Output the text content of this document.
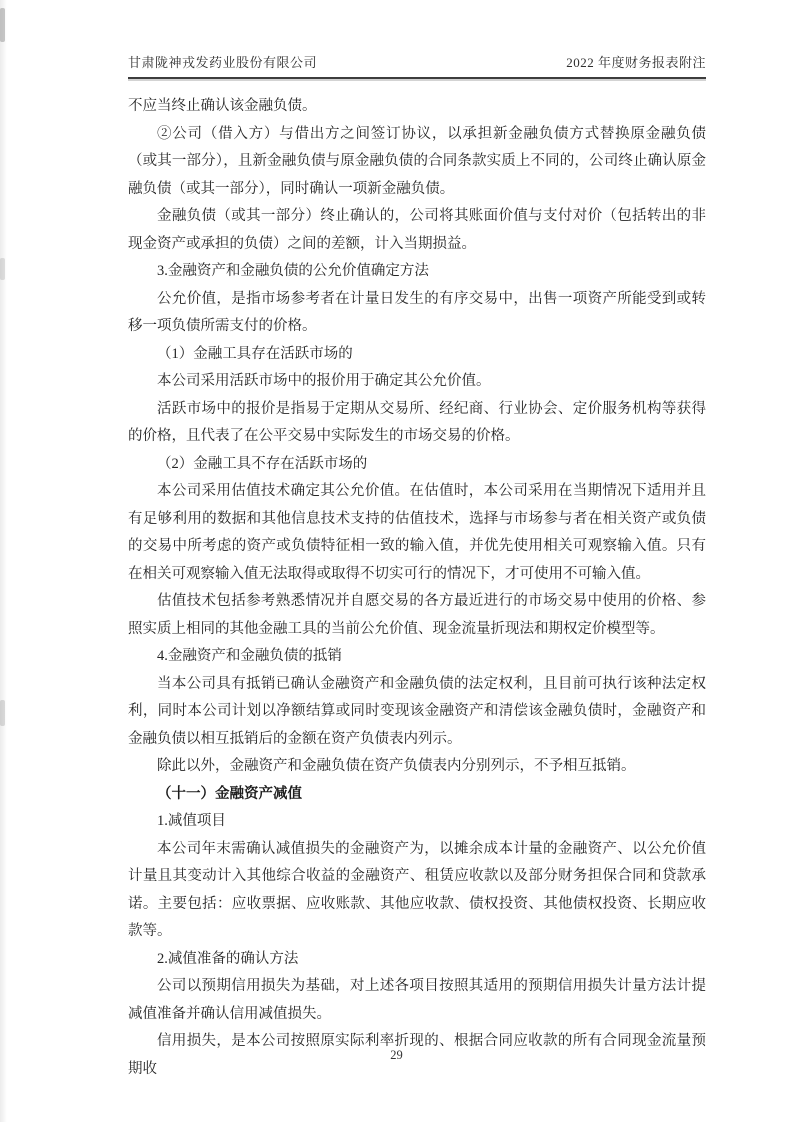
甘肃陇神戎发药业股份有限公司	2022 年度财务报表附注

不应当终止确认该金融负债。

②公司（借入方）与借出方之间签订协议，以承担新金融负债方式替换原金融负债（或其一部分），且新金融负债与原金融负债的合同条款实质上不同的，公司终止确认原金融负债（或其一部分），同时确认一项新金融负债。

金融负债（或其一部分）终止确认的，公司将其账面价值与支付对价（包括转出的非现金资产或承担的负债）之间的差额，计入当期损益。

3.金融资产和金融负债的公允价值确定方法

公允价值，是指市场参考者在计量日发生的有序交易中，出售一项资产所能受到或转移一项负债所需支付的价格。

（1）金融工具存在活跃市场的

本公司采用活跃市场中的报价用于确定其公允价值。

活跃市场中的报价是指易于定期从交易所、经纪商、行业协会、定价服务机构等获得的价格，且代表了在公平交易中实际发生的市场交易的价格。

（2）金融工具不存在活跃市场的

本公司采用估值技术确定其公允价值。在估值时，本公司采用在当期情况下适用并且有足够利用的数据和其他信息技术支持的估值技术，选择与市场参与者在相关资产或负债的交易中所考虑的资产或负债特征相一致的输入值，并优先使用相关可观察输入值。只有在相关可观察输入值无法取得或取得不切实可行的情况下，才可使用不可输入值。

估值技术包括参考熟悉情况并自愿交易的各方最近进行的市场交易中使用的价格、参照实质上相同的其他金融工具的当前公允价值、现金流量折现法和期权定价模型等。

4.金融资产和金融负债的抵销

当本公司具有抵销已确认金融资产和金融负债的法定权利，且目前可执行该种法定权利，同时本公司计划以净额结算或同时变现该金融资产和清偿该金融负债时，金融资产和金融负债以相互抵销后的金额在资产负债表内列示。

除此以外，金融资产和金融负债在资产负债表内分别列示，不予相互抵销。

（十一）金融资产减值

1.减值项目

本公司年末需确认减值损失的金融资产为，以摊余成本计量的金融资产、以公允价值计量且其变动计入其他综合收益的金融资产、租赁应收款以及部分财务担保合同和贷款承诺。主要包括：应收票据、应收账款、其他应收款、债权投资、其他债权投资、长期应收款等。

2.减值准备的确认方法

公司以预期信用损失为基础，对上述各项目按照其适用的预期信用损失计量方法计提减值准备并确认信用减值损失。

信用损失，是本公司按照原实际利率折现的、根据合同应收款的所有合同现金流量预期收

29
